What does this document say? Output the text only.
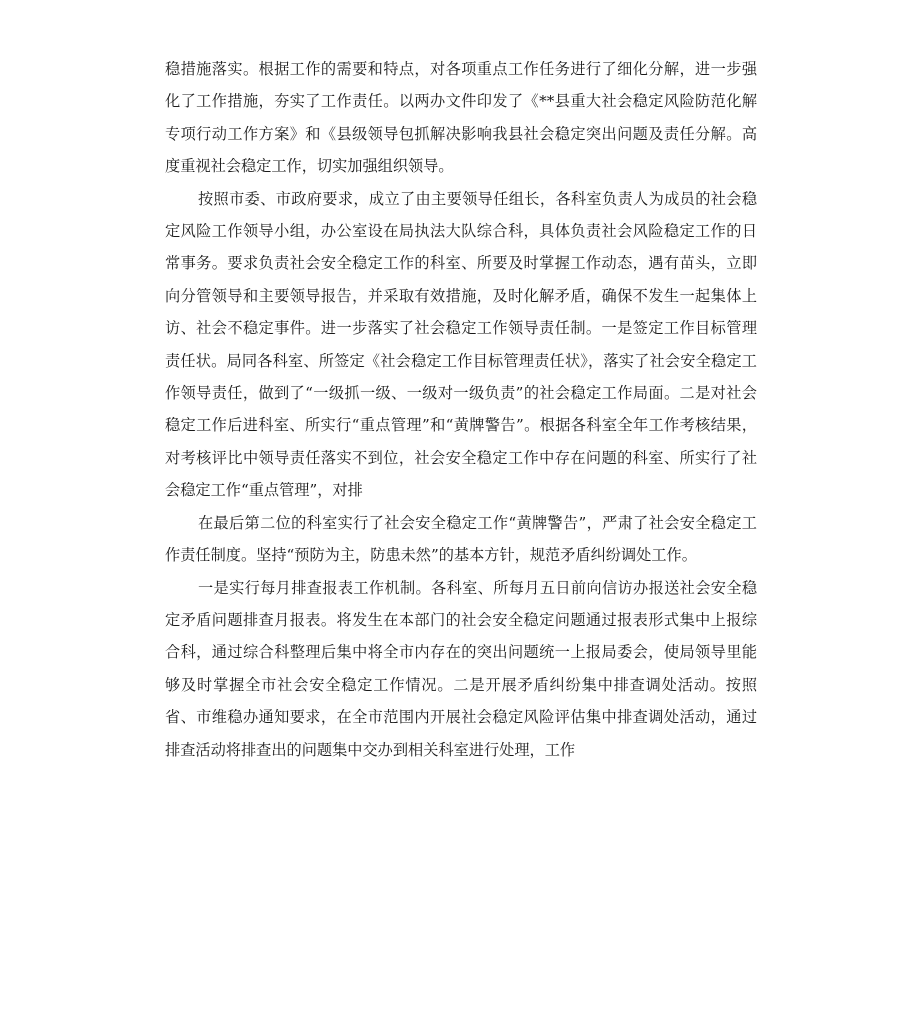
稳措施落实。根据工作的需要和特点，对各项重点工作任务进行了细化分解，进一步强化了工作措施，夯实了工作责任。以两办文件印发了《**县重大社会稳定风险防范化解专项行动工作方案》和《县级领导包抓解决影响我县社会稳定突出问题及责任分解。高度重视社会稳定工作，切实加强组织领导。

按照市委、市政府要求，成立了由主要领导任组长，各科室负责人为成员的社会稳定风险工作领导小组，办公室设在局执法大队综合科，具体负责社会风险稳定工作的日常事务。要求负责社会安全稳定工作的科室、所要及时掌握工作动态，遇有苗头，立即向分管领导和主要领导报告，并采取有效措施，及时化解矛盾，确保不发生一起集体上访、社会不稳定事件。进一步落实了社会稳定工作领导责任制。一是签定工作目标管理责任状。局同各科室、所签定《社会稳定工作目标管理责任状》，落实了社会安全稳定工作领导责任，做到了“一级抓一级、一级对一级负责”的社会稳定工作局面。二是对社会稳定工作后进科室、所实行“重点管理”和“黄牌警告”。根据各科室全年工作考核结果，对考核评比中领导责任落实不到位，社会安全稳定工作中存在问题的科室、所实行了社会稳定工作“重点管理”，对排

在最后第二位的科室实行了社会安全稳定工作“黄牌警告”，严肃了社会安全稳定工作责任制度。坚持“预防为主，防患未然”的基本方针，规范矛盾纠纷调处工作。

一是实行每月排查报表工作机制。各科室、所每月五日前向信访办报送社会安全稳定矛盾问题排查月报表。将发生在本部门的社会安全稳定问题通过报表形式集中上报综合科，通过综合科整理后集中将全市内存在的突出问题统一上报局委会，使局领导里能够及时掌握全市社会安全稳定工作情况。二是开展矛盾纠纷集中排查调处活动。按照省、市维稳办通知要求，在全市范围内开展社会稳定风险评估集中排查调处活动，通过排查活动将排查出的问题集中交办到相关科室进行处理，工作
